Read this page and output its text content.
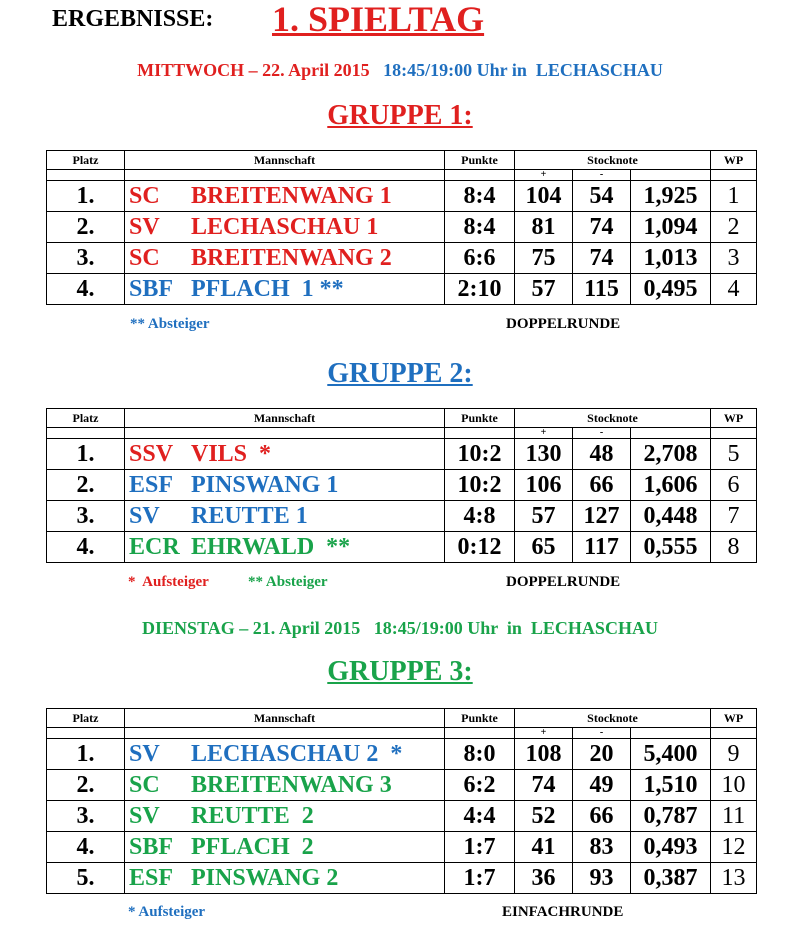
ERGEBNISSE: 1. SPIELTAG
MITTWOCH – 22. April 2015 18:45/19:00 Uhr in  LECHASCHAU
GRUPPE 1:
Platz	Mannschaft	Punkte	Stocknote			WP
			+	-		
1.	SC BREITENWANG 1	8:4	104	54	1,925	1
2.	SV LECHASCHAU 1	8:4	81	74	1,094	2
3.	SC BREITENWANG 2	6:6	75	74	1,013	3
4.	SBF PFLACH  1 **	2:10	57	115	0,495	4
** Absteiger	DOPPELRUNDE
GRUPPE 2:
Platz	Mannschaft	Punkte	Stocknote			WP
			+	-		
1.	SSV VILS  *	10:2	130	48	2,708	5
2.	ESF PINSWANG 1	10:2	106	66	1,606	6
3.	SV REUTTE 1	4:8	57	127	0,448	7
4.	ECR EHRWALD  **	0:12	65	117	0,555	8
*  Aufsteiger	** Absteiger	DOPPELRUNDE
DIENSTAG – 21. April 2015   18:45/19:00 Uhr  in  LECHASCHAU
GRUPPE 3:
Platz	Mannschaft	Punkte	Stocknote			WP
			+	-		
1.	SV LECHASCHAU 2  *	8:0	108	20	5,400	9
2.	SC BREITENWANG 3	6:2	74	49	1,510	10
3.	SV REUTTE  2	4:4	52	66	0,787	11
4.	SBF PFLACH  2	1:7	41	83	0,493	12
5.	ESF PINSWANG 2	1:7	36	93	0,387	13
* Aufsteiger	EINFACHRUNDE
